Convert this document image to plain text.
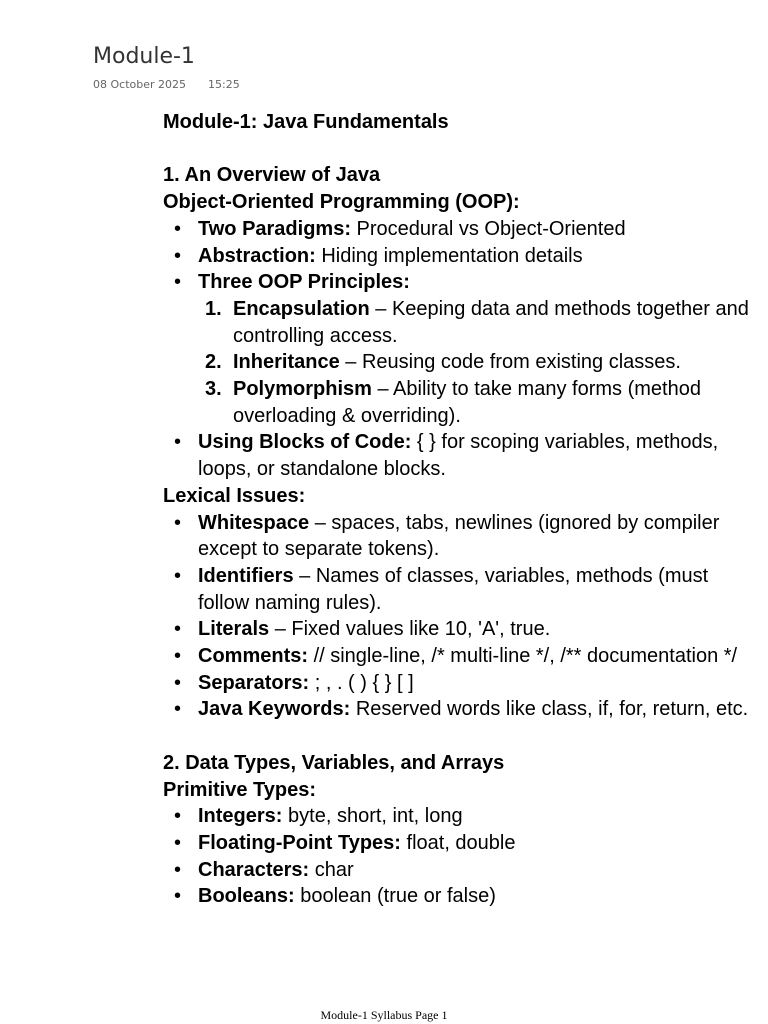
Module-1
08 October 2025 15:25

Module-1: Java Fundamentals

1. An Overview of Java

Object-Oriented Programming (OOP):

• Two Paradigms: Procedural vs Object-Oriented
• Abstraction: Hiding implementation details
• Three OOP Principles:
1. Encapsulation – Keeping data and methods together and controlling access.
2. Inheritance – Reusing code from existing classes.
3. Polymorphism – Ability to take many forms (method overloading & overriding).
• Using Blocks of Code: { } for scoping variables, methods, loops, or standalone blocks.

Lexical Issues:

• Whitespace – spaces, tabs, newlines (ignored by compiler except to separate tokens).
• Identifiers – Names of classes, variables, methods (must follow naming rules).
• Literals – Fixed values like 10, 'A', true.
• Comments: // single-line, /* multi-line */, /** documentation */
• Separators: ; , . ( ) { } [ ]
• Java Keywords: Reserved words like class, if, for, return, etc.

2. Data Types, Variables, and Arrays

Primitive Types:

• Integers: byte, short, int, long
• Floating-Point Types: float, double
• Characters: char
• Booleans: boolean (true or false)
Module-1 Syllabus Page 1
